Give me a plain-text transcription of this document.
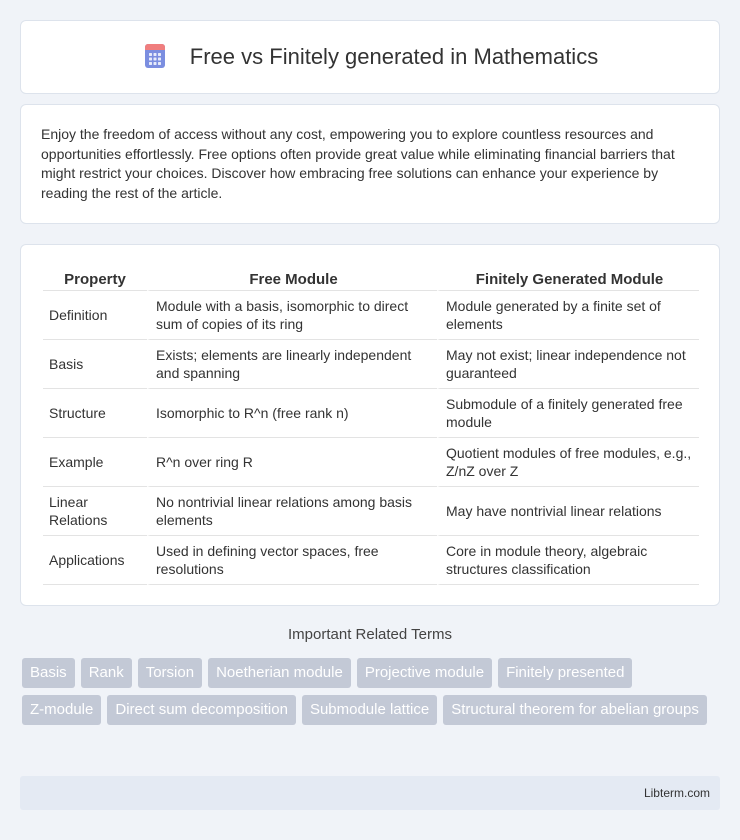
Free vs Finitely generated in Mathematics

Enjoy the freedom of access without any cost, empowering you to explore countless resources and opportunities effortlessly. Free options often provide great value while eliminating financial barriers that might restrict your choices. Discover how embracing free solutions can enhance your experience by reading the rest of the article.

Property	Free Module	Finitely Generated Module
Definition	Module with a basis, isomorphic to direct sum of copies of its ring	Module generated by a finite set of elements
Basis	Exists; elements are linearly independent and spanning	May not exist; linear independence not guaranteed
Structure	Isomorphic to R^n (free rank n)	Submodule of a finitely generated free module
Example	R^n over ring R	Quotient modules of free modules, e.g., Z/nZ over Z
Linear Relations	No nontrivial linear relations among basis elements	May have nontrivial linear relations
Applications	Used in defining vector spaces, free resolutions	Core in module theory, algebraic structures classification
Important Related Terms
Basis	Rank	Torsion	Noetherian module	Projective module	Finitely presented
Z-module	Direct sum decomposition	Submodule lattice	Structural theorem for abelian groups
Libterm.com
